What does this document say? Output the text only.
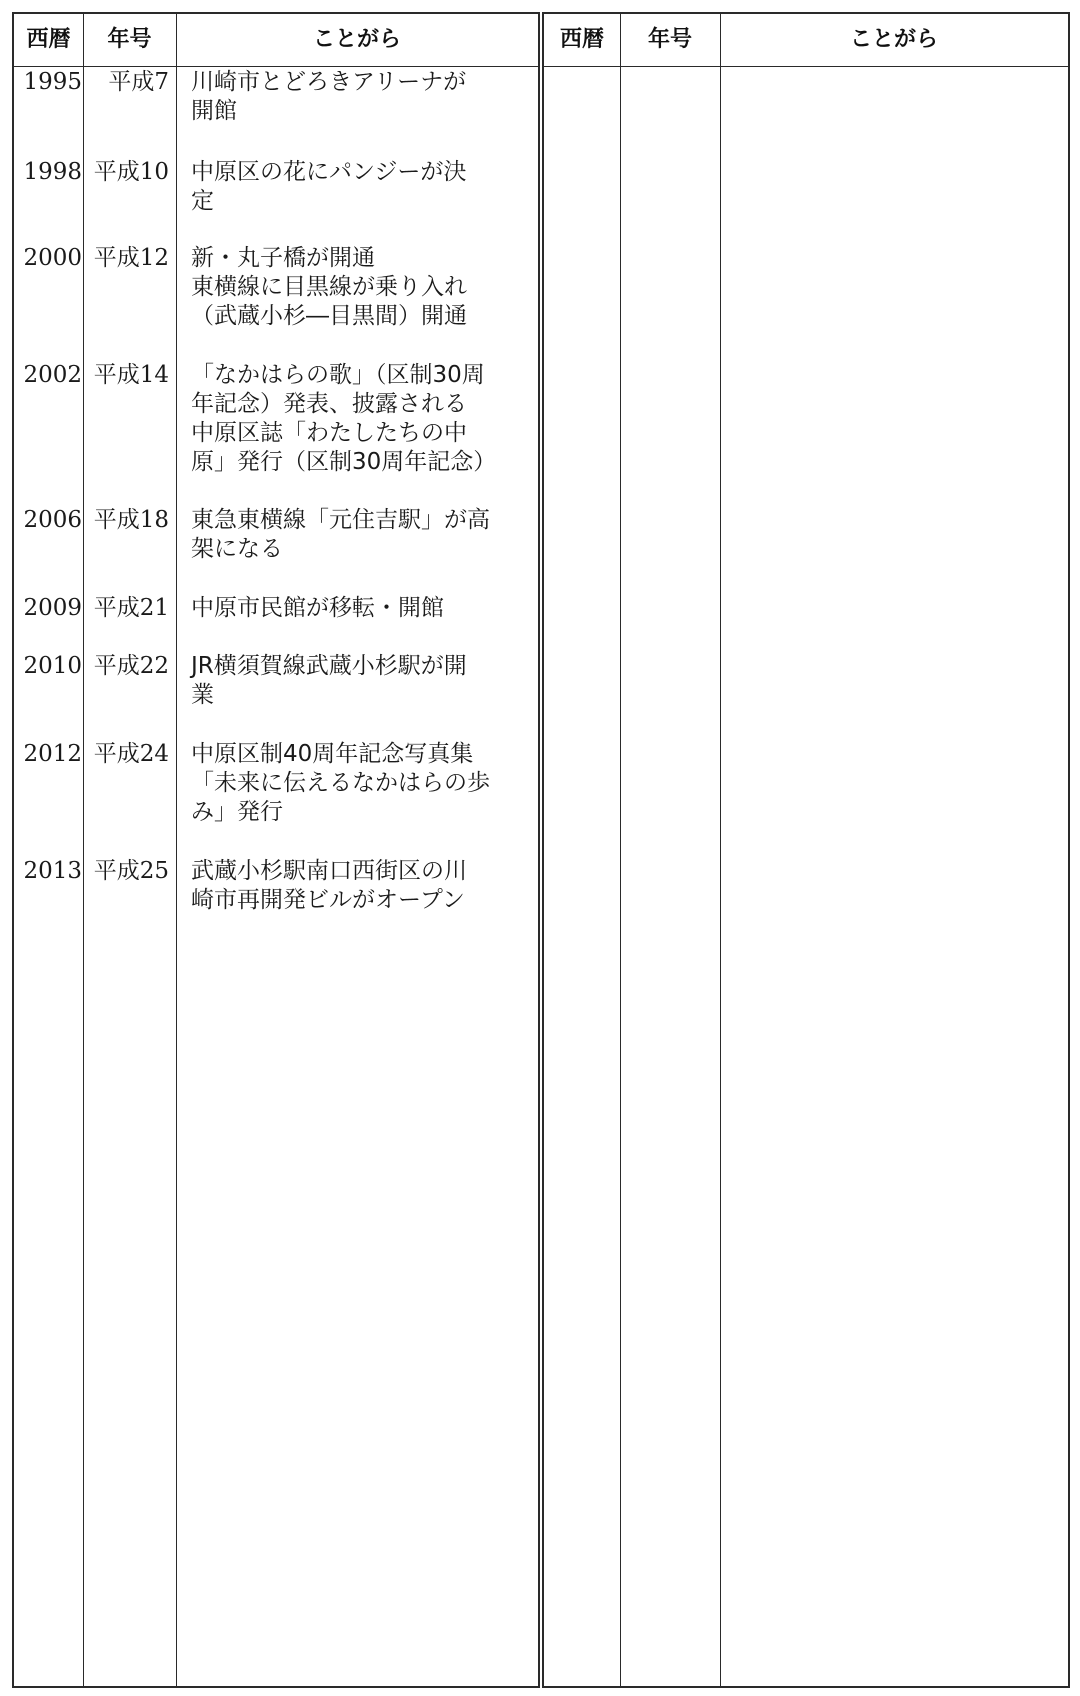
西暦	年号	ことがら
1995	平成7 川崎市とどろきアリーナが
開館
1998 平成10 中原区の花にパンジーが決
定
2000 平成12 新・丸子橋が開通
東横線に目黒線が乗り入れ
（武蔵小杉―目黒間）開通
2002 平成14 「なかはらの歌」（区制30周
年記念）発表、披露される
中原区誌「わたしたちの中
原」発行（区制30周年記念）
2006 平成18 東急東横線「元住吉駅」が高
架になる
2009 平成21 中原市民館が移転・開館
2010 平成22 JR横須賀線武蔵小杉駅が開
業
2012 平成24 中原区制40周年記念写真集
「未来に伝えるなかはらの歩
み」発行
2013 平成25 武蔵小杉駅南口西街区の川
崎市再開発ビルがオープン
西暦	年号	ことがら
